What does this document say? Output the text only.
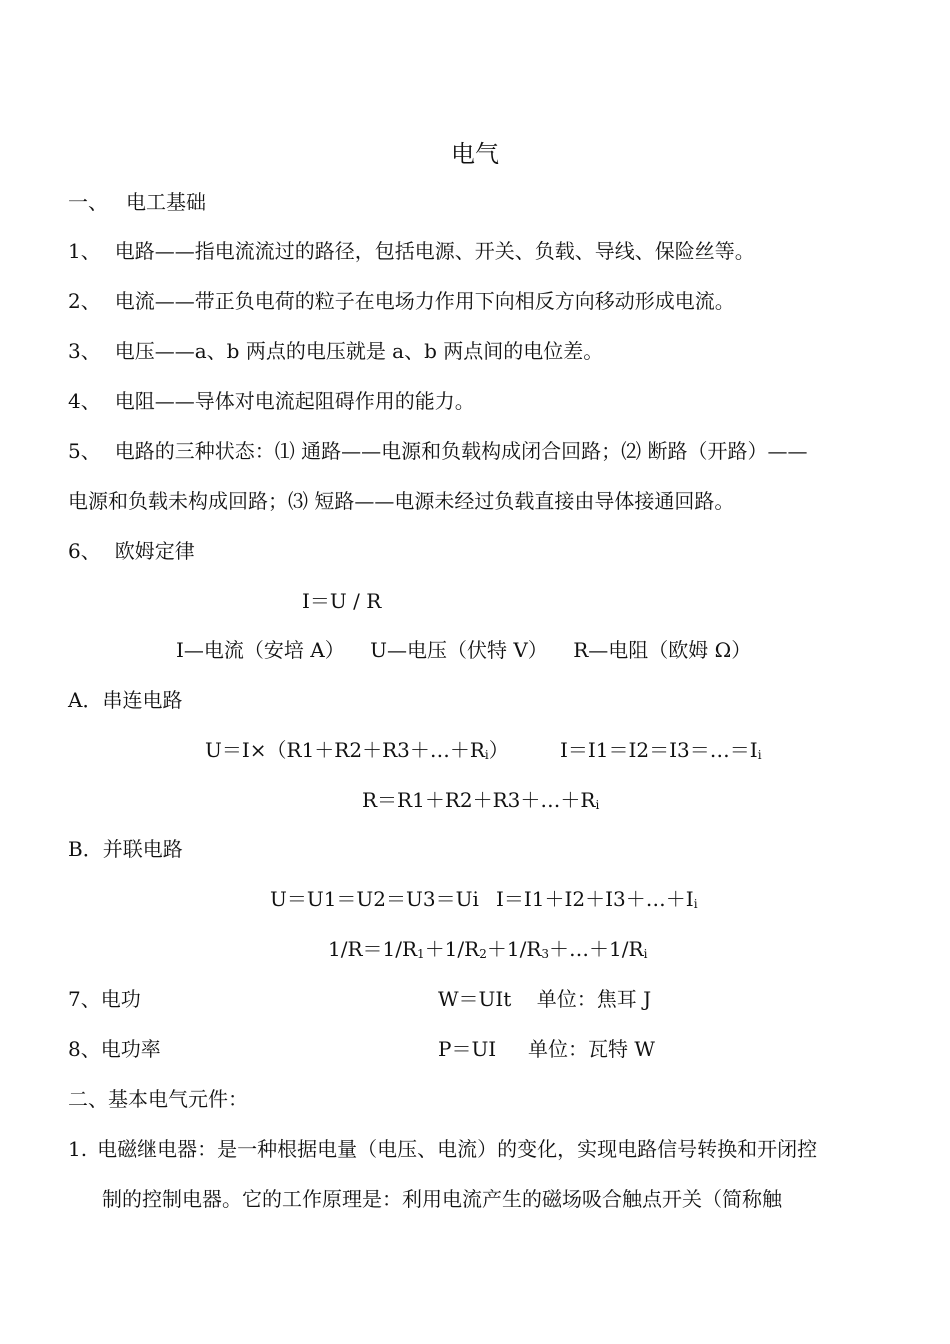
电气
一、 电工基础
1、 电路——指电流流过的路径，包括电源、开关、负载、导线、保险丝等。
2、 电流——带正负电荷的粒子在电场力作用下向相反方向移动形成电流。
3、 电压——a、b 两点的电压就是 a、b 两点间的电位差。
4、 电阻——导体对电流起阻碍作用的能力。
5、 电路的三种状态：⑴ 通路——电源和负载构成闭合回路；⑵ 断路（开路）——
电源和负载未构成回路；⑶ 短路——电源未经过负载直接由导体接通回路。
6、 欧姆定律
I＝U / R
I—电流（安培 A）    U—电压（伏特 V）    R—电阻（欧姆 Ω）
A．串连电路
$U=I\times(R1+R2+R3+\dots+R_i)$	$I=I1=I2=I3=\dots=I_i$
$R=R1+R2+R3+\dots+R_i$
B．并联电路
U＝U1＝U2＝U3＝Ui $I=I1+I2+I3+\dots+I_i$
$1/R=1/R_1+1/R_2+1/R_3+\dots+1/R_i$
7、电功	W＝UIt    单位：焦耳 J
8、电功率	P＝UI     单位：瓦特 W
二、基本电气元件：
1. 电磁继电器：是一种根据电量（电压、电流）的变化，实现电路信号转换和开闭控
制的控制电器。它的工作原理是：利用电流产生的磁场吸合触点开关（简称触
